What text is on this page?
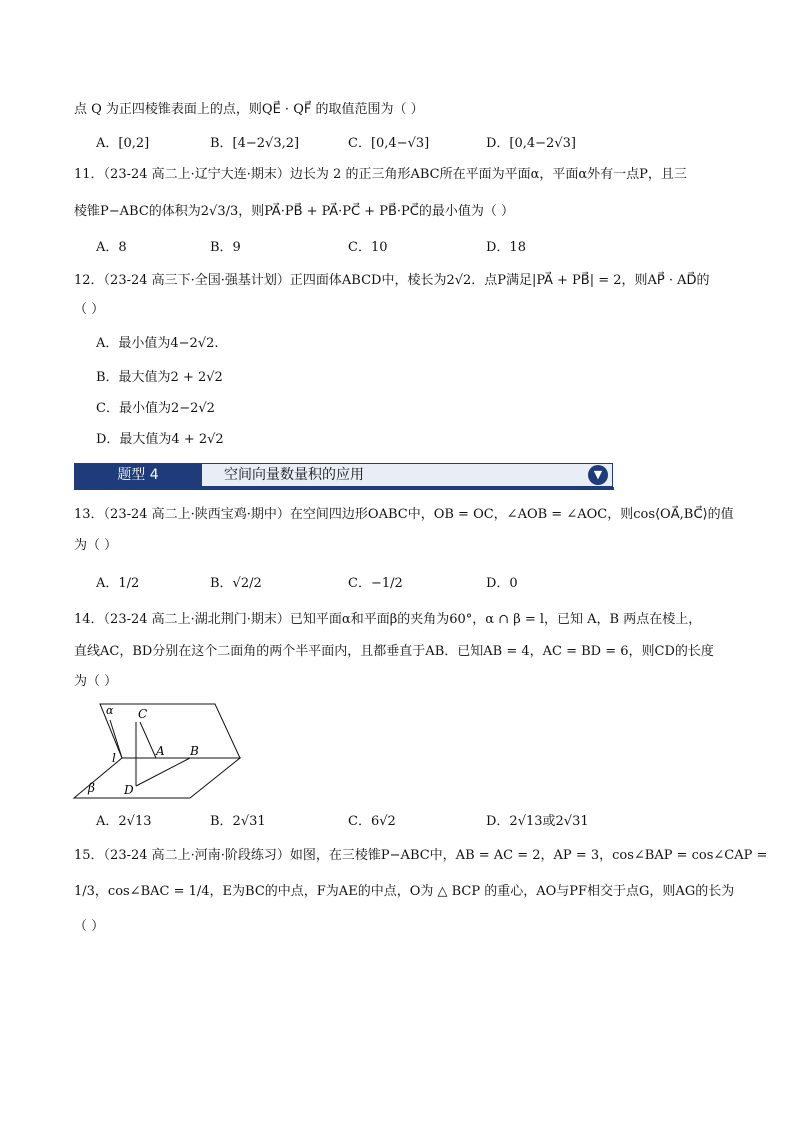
点 Q 为正四棱锥表面上的点，则QE⃗ · QF⃗ 的取值范围为（ ）
A．[0,2]	B．[4−2√3,2]	C．[0,4−√3]	D．[0,4−2√3]
11．（23-24 高二上·辽宁大连·期末）边长为 2 的正三角形ABC所在平面为平面α，平面α外有一点P，且三
棱锥P−ABC的体积为2√3/3，则PA⃗·PB⃗ + PA⃗·PC⃗ + PB⃗·PC⃗的最小值为（ ）
A．8	B．9	C．10	D．18
12．（23-24 高三下·全国·强基计划）正四面体ABCD中，棱长为2√2．点P满足|PA⃗ + PB⃗| = 2，则AP⃗ · AD⃗的
（ ）
A．最小值为4−2√2.
B．最大值为2 + 2√2
C．最小值为2−2√2
D．最大值为4 + 2√2
题型 4	空间向量数量积的应用	▼
13．（23-24 高二上·陕西宝鸡·期中）在空间四边形OABC中，OB = OC，∠AOB = ∠AOC，则cos⟨OA⃗,BC⃗⟩的值
为（ ）
A．1/2	B．√2/2	C．−1/2	D．0
14．（23-24 高二上·湖北荆门·期末）已知平面α和平面β的夹角为60°，α ∩ β = l，已知 A，B 两点在棱上，
直线AC，BD分别在这个二面角的两个半平面内，且都垂直于AB．已知AB = 4，AC = BD = 6，则CD的长度
为（ ）
α C
A B
l
β D
A．2√13	B．2√31	C．6√2	D．2√13或2√31
15．（23-24 高二上·河南·阶段练习）如图，在三棱锥P−ABC中，AB = AC = 2，AP = 3，cos∠BAP = cos∠CAP =
1/3，cos∠BAC = 1/4，E为BC的中点，F为AE的中点，O为 △ BCP 的重心，AO与PF相交于点G，则AG的长为
（ ）
